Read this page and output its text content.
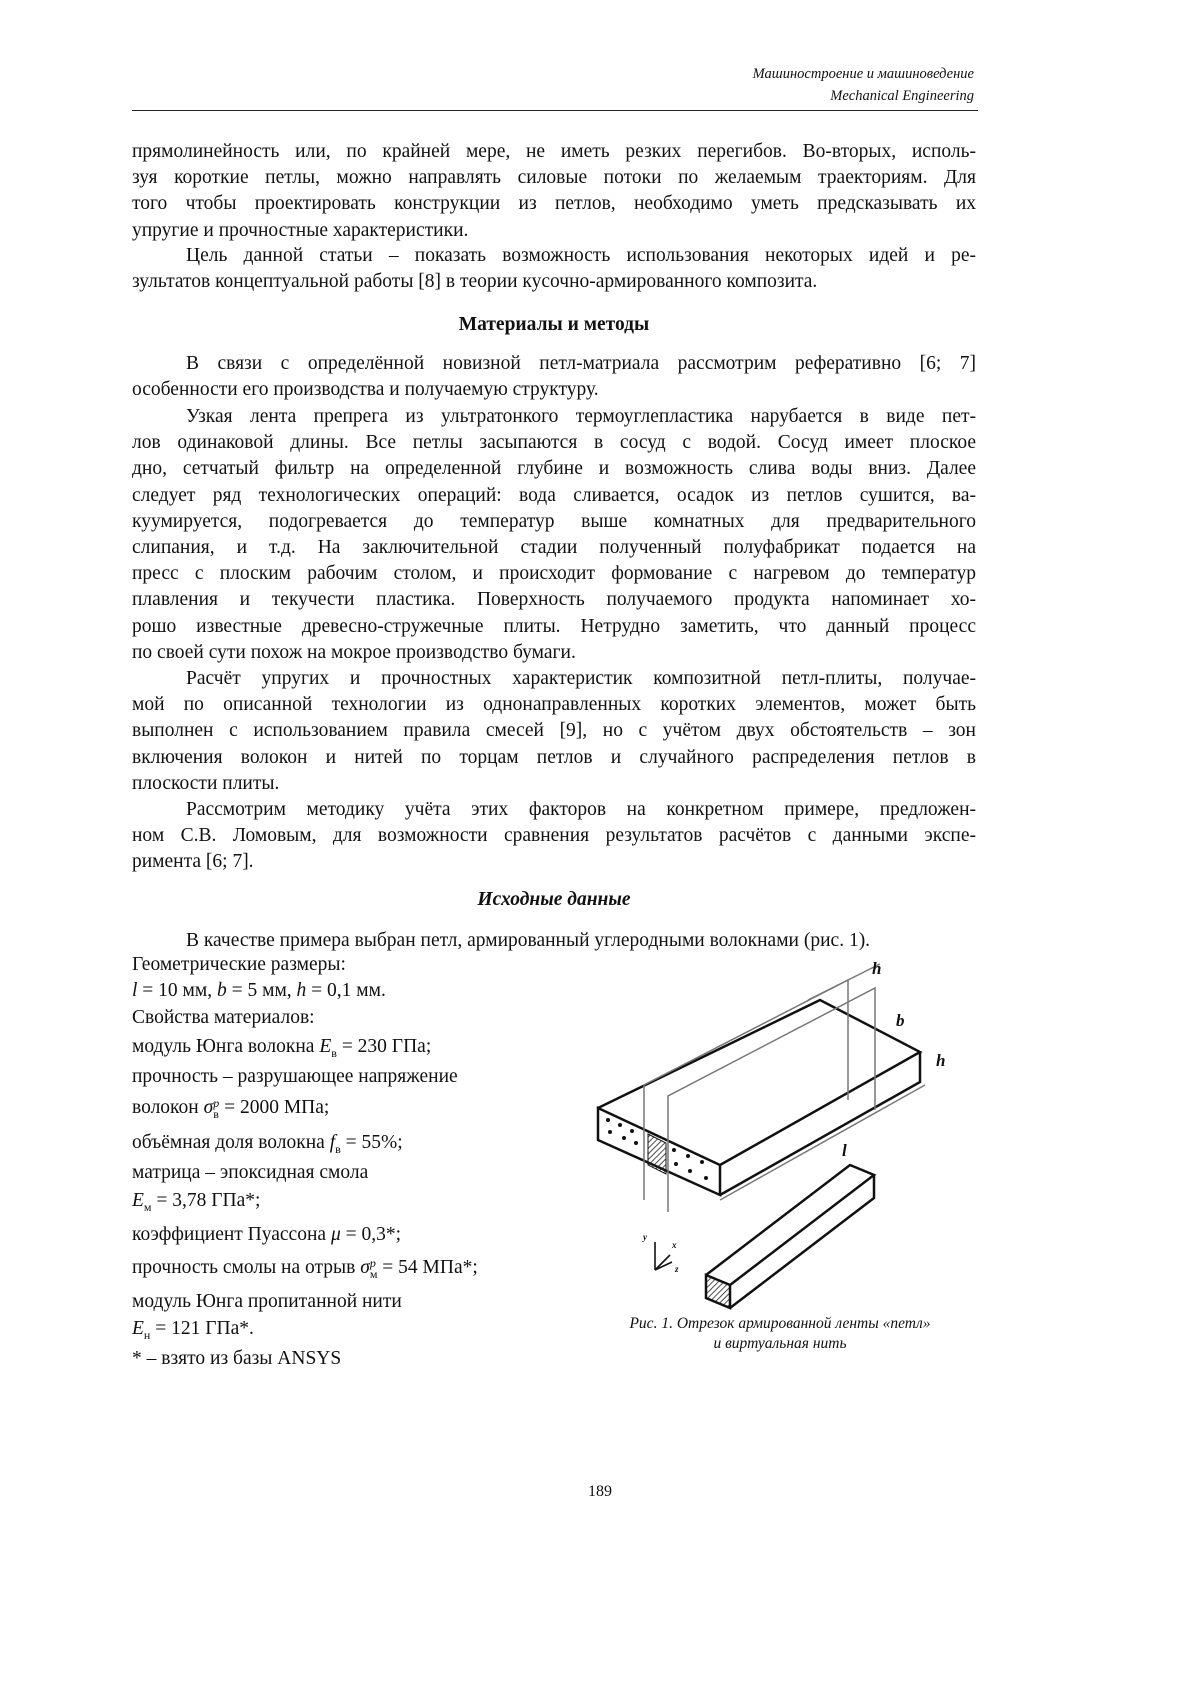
Машиностроение и машиноведение
Mechanical Engineering
прямолинейность или, по крайней мере, не иметь резких перегибов. Во-вторых, исполь-
зуя короткие петлы, можно направлять силовые потоки по желаемым траекториям. Для
того чтобы проектировать конструкции из петлов, необходимо уметь предсказывать их
упругие и прочностные характеристики.
Цель данной статьи – показать возможность использования некоторых идей и ре-
зультатов концептуальной работы [8] в теории кусочно-армированного композита.
Материалы и методы
В связи с определённой новизной петл-матриала рассмотрим реферативно [6; 7]
особенности его производства и получаемую структуру.
Узкая лента препрега из ультратонкого термоуглепластика нарубается в виде пет-
лов одинаковой длины. Все петлы засыпаются в сосуд с водой. Сосуд имеет плоское
дно, сетчатый фильтр на определенной глубине и возможность слива воды вниз. Далее
следует ряд технологических операций: вода сливается, осадок из петлов сушится, ва-
куумируется, подогревается до температур выше комнатных для предварительного
слипания, и т.д. На заключительной стадии полученный полуфабрикат подается на
пресс с плоским рабочим столом, и происходит формование с нагревом до температур
плавления и текучести пластика. Поверхность получаемого продукта напоминает хо-
рошо известные древесно-стружечные плиты. Нетрудно заметить, что данный процесс
по своей сути похож на мокрое производство бумаги.
Расчёт упругих и прочностных характеристик композитной петл-плиты, получае-
мой по описанной технологии из однонаправленных коротких элементов, может быть
выполнен с использованием правила смесей [9], но с учётом двух обстоятельств – зон
включения волокон и нитей по торцам петлов и случайного распределения петлов в
плоскости плиты.
Рассмотрим методику учёта этих факторов на конкретном примере, предложен-
ном С.В. Ломовым, для возможности сравнения результатов расчётов с данными экспе-
римента [6; 7].
Исходные данные
В качестве примера выбран петл, армированный углеродными волокнами (рис. 1).
Геометрические размеры:
l = 10 мм, b = 5 мм, h = 0,1 мм.
Свойства материалов:
модуль Юнга волокна Eв = 230 ГПа;
прочность – разрушающее напряжение
волокон σ p
в = 2000 МПа;
объёмная доля волокна fв = 55%;
матрица – эпоксидная смола
Eм = 3,78 ГПа*;
коэффициент Пуассона μ = 0,3*;
прочность смолы на отрыв σ p
м = 54 МПа*;
модуль Юнга пропитанной нити
Eн = 121 ГПа*.
* – взято из базы ANSYS
h
b
h
l
y
x
z
Рис. 1. Отрезок армированной ленты «петл»
и виртуальная нить
189
